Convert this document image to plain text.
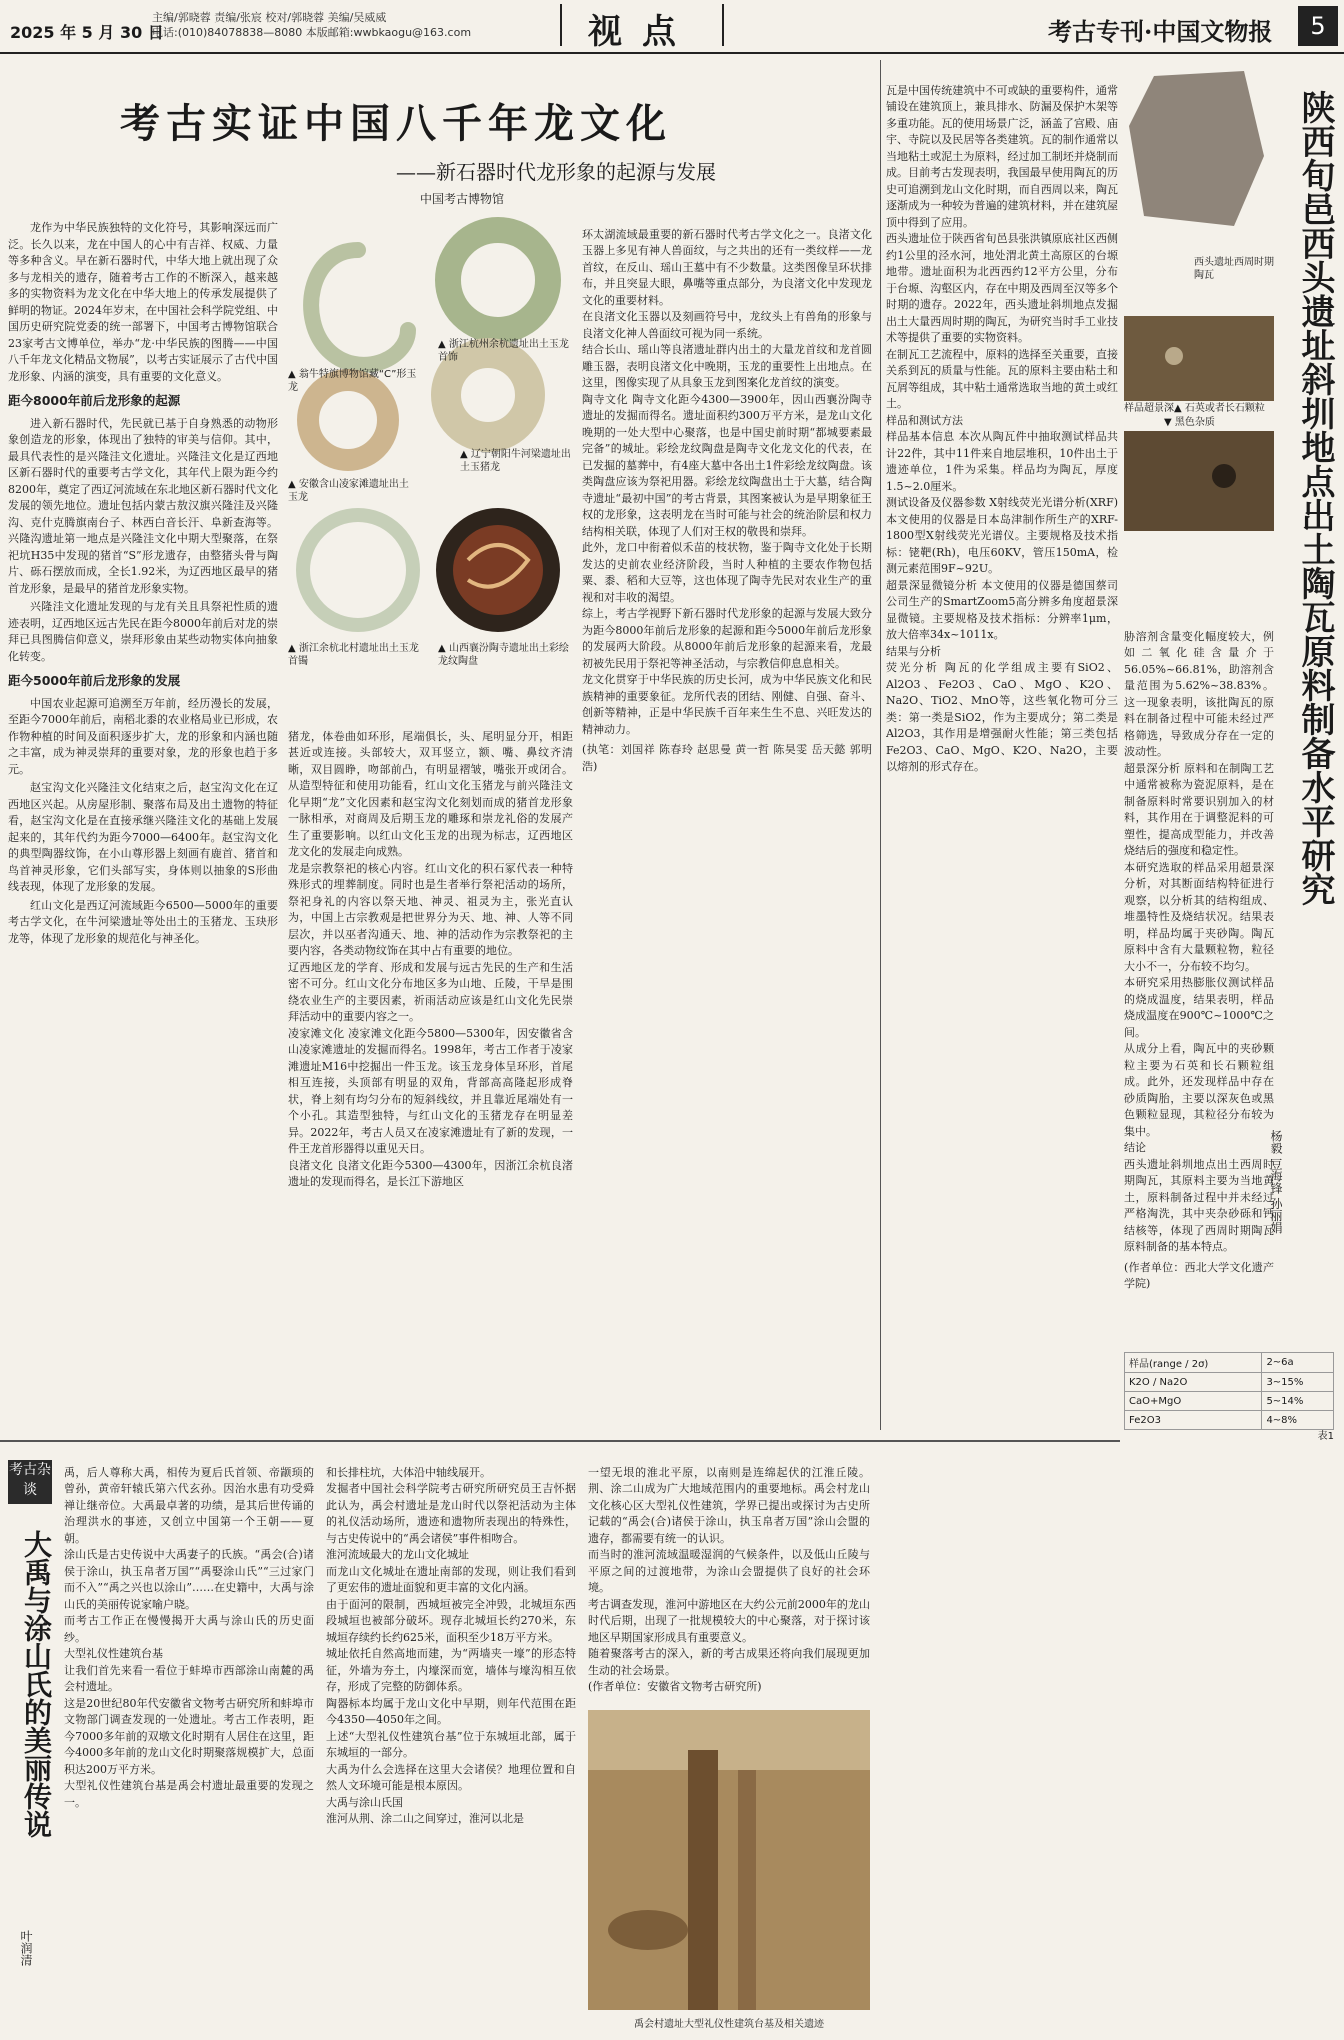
2025 年 5 月 30 日
主编/郭晓蓉 责编/张宸 校对/郭晓蓉 美编/吴威威
电话:(010)84078838—8080 本版邮箱:wwbkaogu@163.com	视点	考古专刊·中国文物报	5
考古实证中国八千年龙文化
——新石器时代龙形象的起源与发展
中国考古博物馆

龙作为中华民族独特的文化符号，其影响深远而广泛。长久以来，龙在中国人的心中有吉祥、权威、力量等多种含义。早在新石器时代，中华大地上就出现了众多与龙相关的遗存，随着考古工作的不断深入，越来越多的实物资料为龙文化在中华大地上的传承发展提供了鲜明的物证。2024年岁末，在中国社会科学院党组、中国历史研究院党委的统一部署下，中国考古博物馆联合23家考古文博单位，举办“龙·中华民族的图腾——中国八千年龙文化精品文物展”，以考古实证展示了古代中国龙形象、内涵的演变，具有重要的文化意义。

距今8000年前后龙形象的起源

进入新石器时代，先民就已基于自身熟悉的动物形象创造龙的形象，体现出了独特的审美与信仰。其中，最具代表性的是兴隆洼文化遗址。兴隆洼文化是辽西地区新石器时代的重要考古学文化，其年代上限为距今约8200年，奠定了西辽河流域在东北地区新石器时代文化发展的领先地位。遗址包括内蒙古敖汉旗兴隆洼及兴隆沟、克什克腾旗南台子、林西白音长汗、阜新查海等。兴隆沟遗址第一地点是兴隆洼文化中期大型聚落，在祭祀坑H35中发现的猪首“S”形龙遗存，由整猪头骨与陶片、砾石摆放而成，全长1.92米，为辽西地区最早的猪首龙形象，是最早的猪首龙形象实物。

兴隆洼文化遗址发现的与龙有关且具祭祀性质的遗迹表明，辽西地区远古先民在距今8000年前后对龙的崇拜已具图腾信仰意义，崇拜形象由某些动物实体向抽象化转变。

距今5000年前后龙形象的发展

中国农业起源可追溯至万年前，经历漫长的发展，至距今7000年前后，南稻北黍的农业格局业已形成，农作物种植的时间及面积逐步扩大，龙的形象和内涵也随之丰富，成为神灵崇拜的重要对象，龙的形象也趋于多元。

赵宝沟文化兴隆洼文化结束之后，赵宝沟文化在辽西地区兴起。从房屋形制、聚落布局及出土遗物的特征看，赵宝沟文化是在直接承继兴隆洼文化的基础上发展起来的，其年代约为距今7000—6400年。赵宝沟文化的典型陶器纹饰，在小山尊形器上刻画有鹿首、猪首和鸟首神灵形象，它们头部写实，身体则以抽象的S形曲线表现，体现了龙形象的发展。

红山文化是西辽河流域距今6500—5000年的重要考古学文化，在牛河梁遗址等处出土的玉猪龙、玉玦形龙等，体现了龙形象的规范化与神圣化。

▲ 翁牛特旗博物馆藏“C”形玉龙
▲ 浙江杭州余杭遗址出土玉龙首饰
▲ 安徽含山凌家滩遗址出土玉龙
▲ 辽宁朝阳牛河梁遗址出土玉猪龙
▲ 浙江余杭北村遗址出土玉龙首镯
▲ 山西襄汾陶寺遗址出土彩绘龙纹陶盘

猪龙，体卷曲如环形，尾端俱长，头、尾明显分开，相距甚近或连接。头部较大，双耳竖立，额、嘴、鼻纹齐清晰，双目圆睁，吻部前凸，有明显褶皱，嘴张开或闭合。从造型特征和使用功能看，红山文化玉猪龙与前兴隆洼文化早期“龙”文化因素和赵宝沟文化刻划而成的猪首龙形象一脉相承，对商周及后期玉龙的雕琢和崇龙礼俗的发展产生了重要影响。以红山文化玉龙的出现为标志，辽西地区龙文化的发展走向成熟。
龙是宗教祭祀的核心内容。红山文化的积石冢代表一种特殊形式的埋葬制度。同时也是生者举行祭祀活动的场所，祭祀身礼的内容以祭天地、神灵、祖灵为主，张光直认为，中国上古宗教观是把世界分为天、地、神、人等不同层次，并以巫者沟通天、地、神的活动作为宗教祭祀的主要内容，各类动物纹饰在其中占有重要的地位。
辽西地区龙的学育、形成和发展与远古先民的生产和生活密不可分。红山文化分布地区多为山地、丘陵，干旱是围绕农业生产的主要因素，祈雨活动应该是红山文化先民崇拜活动中的重要内容之一。
凌家滩文化 凌家滩文化距今5800—5300年，因安徽省含山凌家滩遗址的发掘而得名。1998年，考古工作者于凌家滩遗址M16中挖掘出一件玉龙。该玉龙身体呈环形，首尾相互连接，头顶部有明显的双角，背部高高隆起形成脊状，脊上刻有均匀分布的短斜线纹，并且靠近尾端处有一个小孔。其造型独特，与红山文化的玉猪龙存在明显差异。2022年，考古人员又在凌家滩遗址有了新的发现，一件王龙首形器得以重见天日。
良渚文化 良渚文化距今5300—4300年，因浙江余杭良渚遗址的发现而得名，是长江下游地区

环太湖流域最重要的新石器时代考古学文化之一。良渚文化玉器上多见有神人兽面纹，与之共出的还有一类纹样——龙首纹，在反山、瑶山王墓中有不少数量。这类图像呈环状排布，并且突显大眼，鼻嘴等重点部分，为良渚文化中发现龙文化的重要材料。
在良渚文化玉器以及刻画符号中，龙纹头上有兽角的形象与良渚文化神人兽面纹可视为同一系统。
结合长山、瑶山等良渚遗址群内出土的大量龙首纹和龙首圆雕玉器，表明良渚文化中晚期，玉龙的重要性上出地点。在这里，图像实现了从具象玉龙到图案化龙首纹的演变。
陶寺文化 陶寺文化距今4300—3900年，因山西襄汾陶寺遗址的发掘而得名。遗址面积约300万平方米，是龙山文化晚期的一处大型中心聚落，也是中国史前时期“都城要素最完备”的城址。彩绘龙纹陶盘是陶寺文化龙文化的代表，在已发掘的墓葬中，有4座大墓中各出土1件彩绘龙纹陶盘。该类陶盘应该为祭祀用器。彩绘龙纹陶盘出土于大墓，结合陶寺遗址“最初中国”的考古背景，其图案被认为是早期象征王权的龙形象，这表明龙在当时可能与社会的统治阶层和权力结构相关联，体现了人们对王权的敬畏和崇拜。
此外，龙口中衔着似禾苗的枝状物，鉴于陶寺文化处于长期发达的史前农业经济阶段，当时人种植的主要农作物包括粟、黍、稻和大豆等，这也体现了陶寺先民对农业生产的重视和对丰收的渴望。
综上，考古学视野下新石器时代龙形象的起源与发展大致分为距今8000年前后龙形象的起源和距今5000年前后龙形象的发展两大阶段。从8000年前后龙形象的起源来看，龙最初被先民用于祭祀等神圣活动，与宗教信仰息息相关。
龙文化贯穿于中华民族的历史长河，成为中华民族文化和民族精神的重要象征。龙所代表的团结、刚健、自强、奋斗、创新等精神，正是中华民族千百年来生生不息、兴旺发达的精神动力。

(执笔：刘国祥 陈春玲 赵思曼 黄一哲 陈昊雯 岳天懿 郭明浩)

瓦是中国传统建筑中不可或缺的重要构件，通常铺设在建筑顶上，兼具排水、防漏及保护木架等多重功能。瓦的使用场景广泛，涵盖了宫殿、庙宇、寺院以及民居等各类建筑。瓦的制作通常以当地粘土或泥土为原料，经过加工制坯并烧制而成。目前考古发现表明，我国最早使用陶瓦的历史可追溯到龙山文化时期，而自西周以来，陶瓦逐渐成为一种较为普遍的建筑材料，并在建筑屋顶中得到了应用。
西头遗址位于陕西省旬邑县张洪镇原底社区西侧约1公里的泾水河，地处渭北黄土高原区的台塬地带。遗址面积为北西西约12平方公里，分布于台塬、沟壑区内，存在中期及西周至汉等多个时期的遗存。2022年，西头遗址斜圳地点发掘出土大量西周时期的陶瓦，为研究当时手工业技术等提供了重要的实物资料。
在制瓦工艺流程中，原料的选择至关重要，直接关系到瓦的质量与性能。瓦的原料主要由粘土和瓦屑等组成，其中粘土通常选取当地的黄土或红土。
样品和测试方法
样品基本信息 本次从陶瓦件中抽取测试样品共计22件，其中11件来自地层堆积，10件出土于遗迹单位，1件为采集。样品均为陶瓦，厚度1.5~2.0厘米。
测试设备及仪器参数 X射线荧光光谱分析(XRF)本文使用的仪器是日本岛津制作所生产的XRF-1800型X射线荧光光谱仪。主要规格及技术指标：铑靶(Rh)，电压60KV，管压150mA，检测元素范围9F~92U。
超景深显微镜分析 本文使用的仪器是德国蔡司公司生产的SmartZoom5高分辨多角度超景深显微镜。主要规格及技术指标：分辨率1μm，放大倍率34x~1011x。
结果与分析
荧光分析 陶瓦的化学组成主要有SiO2、Al2O3、Fe2O3、CaO、MgO、K2O、Na2O、TiO2、MnO等，这些氧化物可分三类：第一类是SiO2，作为主要成分；第二类是Al2O3，其作用是增强耐火性能；第三类包括Fe2O3、CaO、MgO、K2O、Na2O，主要以熔剂的形式存在。

西头遗址西周时期陶瓦
样品超景深▲ 石英或者长石颗粒
▼ 黑色杂质

胁溶剂含量变化幅度较大，例如二氧化硅含量介于56.05%~66.81%，助溶剂含量范围为5.62%~38.83%。这一现象表明，该批陶瓦的原料在制备过程中可能未经过严格筛选，导致成分存在一定的波动性。
超景深分析 原料和在制陶工艺中通常被称为瓷泥原料，是在制备原料时常要识别加入的材料，其作用在于调整泥料的可塑性，提高成型能力，并改善烧结后的强度和稳定性。
本研究选取的样品采用超景深分析，对其断面结构特征进行观察，以分析其的结构组成、堆墨特性及烧结状况。结果表明，样品均属于夹砂陶。陶瓦原料中含有大量颗粒物，粒径大小不一，分布较不均匀。
本研究采用热膨胀仪测试样品的烧成温度，结果表明，样品烧成温度在900℃~1000℃之间。
从成分上看，陶瓦中的夹砂颗粒主要为石英和长石颗粒组成。此外，还发现样品中存在砂质陶胎，主要以深灰色或黑色颗粒显现，其粒径分布较为集中。
结论
西头遗址斜圳地点出土西周时期陶瓦，其原料主要为当地黄土，原料制备过程中并未经过严格淘洗，其中夹杂砂砾和钙结核等，体现了西周时期陶瓦原料制备的基本特点。

(作者单位：西北大学文化遗产学院)

样品(range / 2σ)	2~6a
K2O / Na2O	3~15%
CaO+MgO	5~14%
Fe2O3	4~8%
表1
陕西旬邑西头遗址斜圳地点出土陶瓦原料制备水平研究
杨毅 豆海锋 孙丽娟
考古杂谈
大禹与涂山氏的美丽传说
叶润清

禹，后人尊称大禹，相传为夏后氏首领、帝颛顼的曾孙，黄帝轩辕氏第六代玄孙。因治水患有功受舜禅让继帝位。大禹最卓著的功绩，是其后世传诵的治理洪水的事迹，又创立中国第一个王朝——夏朝。
涂山氏是古史传说中大禹妻子的氏族。“禹会(合)诸侯于涂山，执玉帛者万国”“禹娶涂山氏”“三过家门而不入”“禹之兴也以涂山”……在史籍中，大禹与涂山氏的美丽传说家喻户晓。
而考古工作正在慢慢揭开大禹与涂山氏的历史面纱。
大型礼仪性建筑台基
让我们首先来看一看位于蚌埠市西部涂山南麓的禹会村遗址。
这是20世纪80年代安徽省文物考古研究所和蚌埠市文物部门调查发现的一处遗址。考古工作表明，距今7000多年前的双墩文化时期有人居住在这里，距今4000多年前的龙山文化时期聚落规模扩大，总面积达200万平方米。
大型礼仪性建筑台基是禹会村遗址最重要的发现之一。

和长排柱坑，大体沿中轴线展开。
发掘者中国社会科学院考古研究所研究员王吉怀据此认为，禹会村遗址是龙山时代以祭祀活动为主体的礼仪活动场所，遗迹和遗物所表现出的特殊性，与古史传说中的“禹会诸侯”事件相吻合。
淮河流域最大的龙山文化城址
而龙山文化城址在遗址南部的发现，则让我们看到了更宏伟的遗址面貌和更丰富的文化内涵。
由于面河的限制，西城垣被完全冲毁，北城垣东西段城垣也被部分破坏。现存北城垣长约270米，东城垣存续约长约625米，面积至少18万平方米。
城址依托自然高地而建，为“两墙夹一壕”的形态特征，外墙为夯土，内壕深而宽，墙体与壕沟相互依存，形成了完整的防御体系。
陶器标本均属于龙山文化中早期，则年代范围在距今4350—4050年之间。
上述“大型礼仪性建筑台基”位于东城垣北部，属于东城垣的一部分。
大禹为什么会选择在这里大会诸侯？地理位置和自然人文环境可能是根本原因。
大禹与涂山氏国
淮河从荆、涂二山之间穿过，淮河以北是

一望无垠的淮北平原，以南则是连绵起伏的江淮丘陵。荆、涂二山成为广大地域范围内的重要地标。禹会村龙山文化核心区大型礼仪性建筑，学界已提出或探讨为古史所记载的“禹会(合)诸侯于涂山，执玉帛者万国”涂山会盟的遗存，都需要有统一的认识。
而当时的淮河流域温暖湿润的气候条件，以及低山丘陵与平原之间的过渡地带，为涂山会盟提供了良好的社会环境。
考古调查发现，淮河中游地区在大约公元前2000年的龙山时代后期，出现了一批规模较大的中心聚落，对于探讨该地区早期国家形成具有重要意义。
随着聚落考古的深入，新的考古成果还将向我们展现更加生动的社会场景。

(作者单位：安徽省文物考古研究所)

禹会村遗址大型礼仪性建筑台基及相关遗迹
